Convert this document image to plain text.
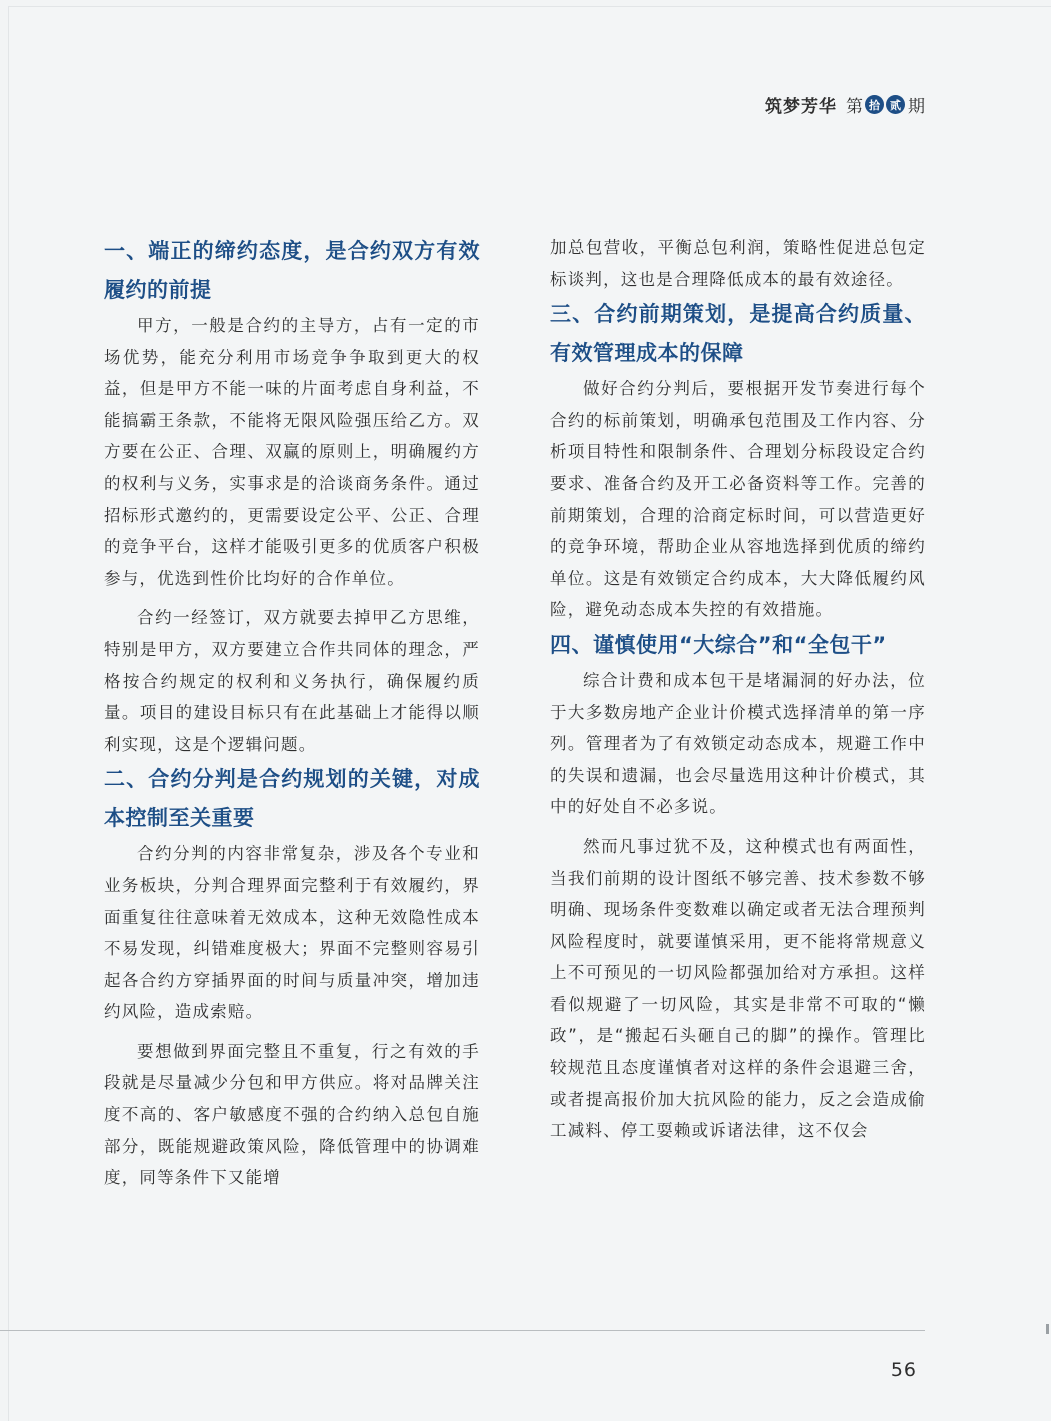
筑梦芳华 第 拾 贰 期
一、端正的缔约态度，是合约双方有效履约的前提

甲方，一般是合约的主导方，占有一定的市场优势，能充分利用市场竞争争取到更大的权益，但是甲方不能一味的片面考虑自身利益，不能搞霸王条款，不能将无限风险强压给乙方。双方要在公正、合理、双赢的原则上，明确履约方的权利与义务，实事求是的洽谈商务条件。通过招标形式邀约的，更需要设定公平、公正、合理的竞争平台，这样才能吸引更多的优质客户积极参与，优选到性价比均好的合作单位。

合约一经签订，双方就要去掉甲乙方思维，特别是甲方，双方要建立合作共同体的理念，严格按合约规定的权利和义务执行，确保履约质量。项目的建设目标只有在此基础上才能得以顺利实现，这是个逻辑问题。

二、合约分判是合约规划的关键，对成本控制至关重要

合约分判的内容非常复杂，涉及各个专业和业务板块，分判合理界面完整利于有效履约，界面重复往往意味着无效成本，这种无效隐性成本不易发现，纠错难度极大；界面不完整则容易引起各合约方穿插界面的时间与质量冲突，增加违约风险，造成索赔。

要想做到界面完整且不重复，行之有效的手段就是尽量减少分包和甲方供应。将对品牌关注度不高的、客户敏感度不强的合约纳入总包自施部分，既能规避政策风险，降低管理中的协调难度，同等条件下又能增

加总包营收，平衡总包利润，策略性促进总包定标谈判，这也是合理降低成本的最有效途径。

三、合约前期策划，是提高合约质量、有效管理成本的保障

做好合约分判后，要根据开发节奏进行每个合约的标前策划，明确承包范围及工作内容、分析项目特性和限制条件、合理划分标段设定合约要求、准备合约及开工必备资料等工作。完善的前期策划，合理的洽商定标时间，可以营造更好的竞争环境，帮助企业从容地选择到优质的缔约单位。这是有效锁定合约成本，大大降低履约风险，避免动态成本失控的有效措施。

四、谨慎使用“大综合”和“全包干”

综合计费和成本包干是堵漏洞的好办法，位于大多数房地产企业计价模式选择清单的第一序列。管理者为了有效锁定动态成本，规避工作中的失误和遗漏，也会尽量选用这种计价模式，其中的好处自不必多说。

然而凡事过犹不及，这种模式也有两面性，当我们前期的设计图纸不够完善、技术参数不够明确、现场条件变数难以确定或者无法合理预判风险程度时，就要谨慎采用，更不能将常规意义上不可预见的一切风险都强加给对方承担。这样看似规避了一切风险，其实是非常不可取的“懒政”，是“搬起石头砸自己的脚”的操作。管理比较规范且态度谨慎者对这样的条件会退避三舍，或者提高报价加大抗风险的能力，反之会造成偷工减料、停工耍赖或诉诸法律，这不仅会

56
